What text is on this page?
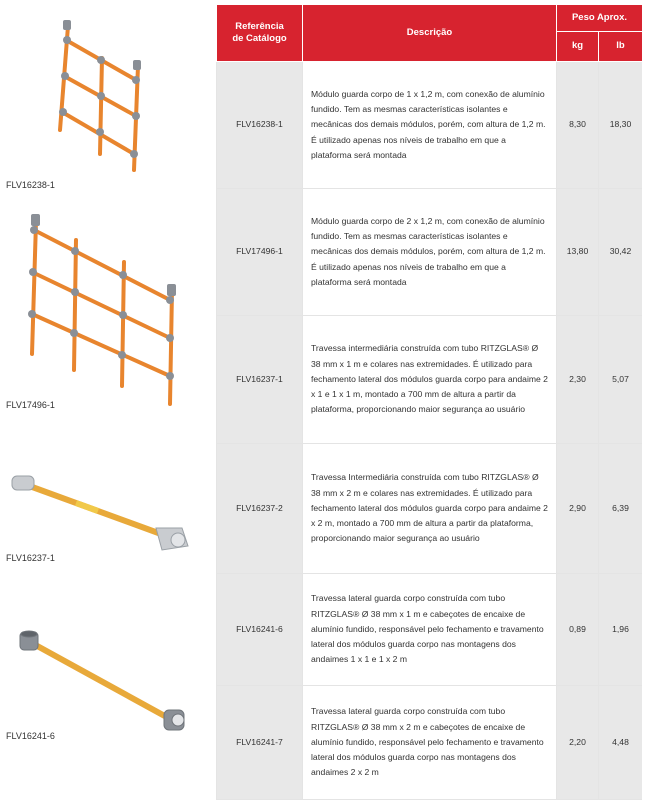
FLV16238-1
FLV17496-1
FLV16237-1
FLV16241-6
Referência de Catálogo	Descrição	Peso Aprox.	
		kg	lb
FLV16238-1	Módulo guarda corpo de 1 x 1,2 m, com conexão de alumínio fundido. Tem as mesmas características isolantes e mecânicas dos demais módulos, porém, com altura de 1,2 m. É utilizado apenas nos níveis de trabalho em que a plataforma será montada	8,30	18,30
FLV17496-1	Módulo guarda corpo de 2 x 1,2 m, com conexão de alumínio fundido. Tem as mesmas características isolantes e mecânicas dos demais módulos, porém, com altura de 1,2 m. É utilizado apenas nos níveis de trabalho em que a plataforma será montada	13,80	30,42
FLV16237-1	Travessa intermediária construída com tubo RITZGLAS® Ø 38 mm x 1 m e colares nas extremidades. É utilizado para fechamento lateral dos módulos guarda corpo para andaime 2 x 1 e 1 x 1 m, montado a 700 mm de altura a partir da plataforma, proporcionando maior segurança ao usuário	2,30	5,07
FLV16237-2	Travessa Intermediária construída com tubo RITZGLAS® Ø 38 mm x 2 m e colares nas extremidades. É utilizado para fechamento lateral dos módulos guarda corpo para andaime 2 x 2 m, montado a 700 mm de altura a partir da plataforma, proporcionando maior segurança ao usuário	2,90	6,39
FLV16241-6	Travessa lateral guarda corpo construída com tubo RITZGLAS® Ø 38 mm x 1 m e cabeçotes de encaixe de alumínio fundido, responsável pelo fechamento e travamento lateral dos módulos guarda corpo nas montagens dos andaimes 1 x 1 e 1 x 2 m	0,89	1,96
FLV16241-7	Travessa lateral guarda corpo construída com tubo RITZGLAS® Ø 38 mm x 2 m e cabeçotes de encaixe de alumínio fundido, responsável pelo fechamento e travamento lateral dos módulos guarda corpo nas montagens dos andaimes 2 x 2 m	2,20	4,48
